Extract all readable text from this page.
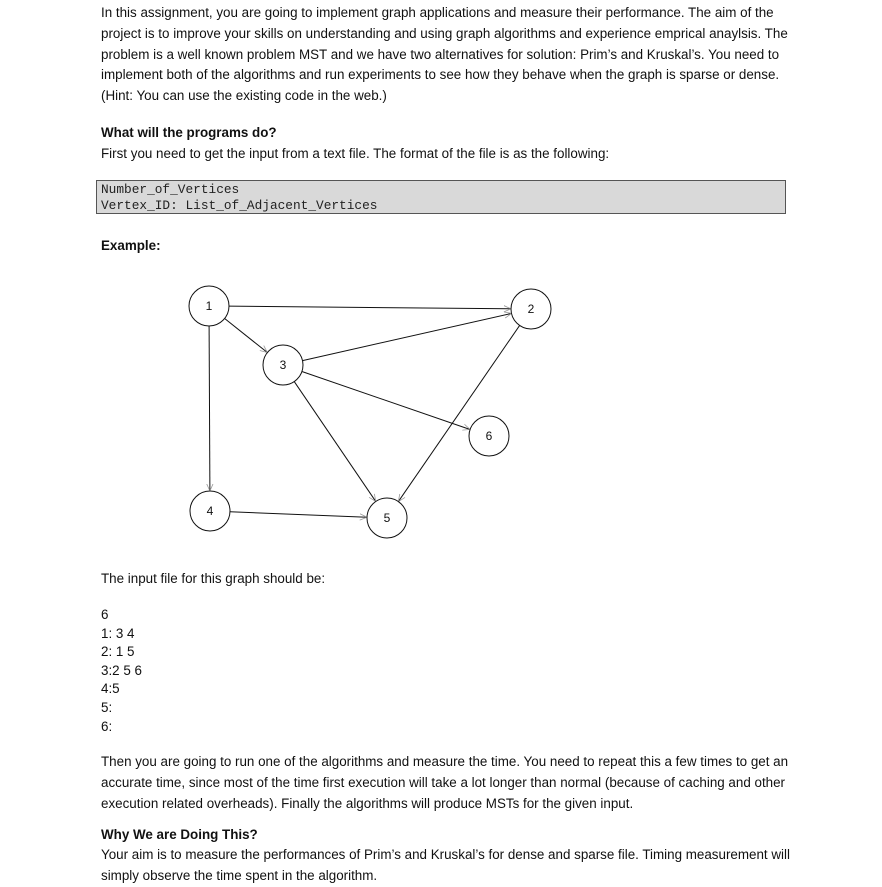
In this assignment, you are going to implement graph applications and measure their performance. The aim of the project is to improve your skills on understanding and using graph algorithms and experience emprical anaylsis. The problem is a well known problem MST and we have two alternatives for solution: Prim’s and Kruskal’s. You need to implement both of the algorithms and run experiments to see how they behave when the graph is sparse or dense. (Hint: You can use the existing code in the web.)

What will the programs do?

First you need to get the input from a text file. The format of the file is as the following:

Number_of_Vertices
Vertex_ID: List_of_Adjacent_Vertices

Example:

1	2
3
4	5
6

The input file for this graph should be:

6
1: 3 4
2: 1 5
3:2 5 6
4:5
5:
6:

Then you are going to run one of the algorithms and measure the time. You need to repeat this a few times to get an accurate time, since most of the time first execution will take a lot longer than normal (because of caching and other execution related overheads). Finally the algorithms will produce MSTs for the given input.

Why We are Doing This?

Your aim is to measure the performances of Prim’s and Kruskal’s for dense and sparse file. Timing measurement will simply observe the time spent in the algorithm.
